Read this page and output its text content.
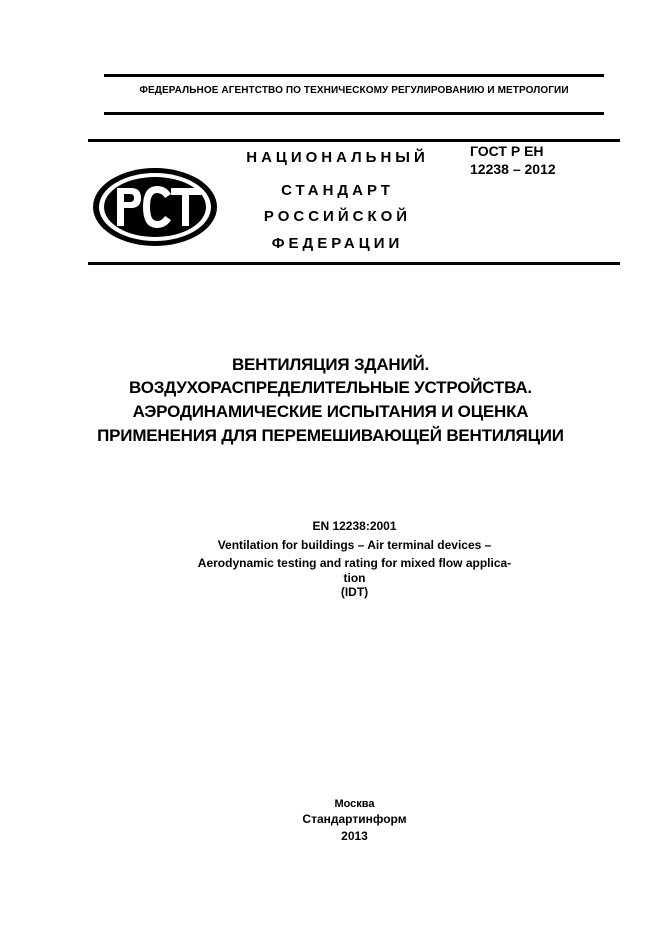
ФЕДЕРАЛЬНОЕ АГЕНТСТВО ПО ТЕХНИЧЕСКОМУ РЕГУЛИРОВАНИЮ И МЕТРОЛОГИИ
НАЦИОНАЛЬНЫЙ
СТАНДАРТ
РОССИЙСКОЙ
ФЕДЕРАЦИИ
ГОСТ Р ЕН
12238 – 2012
ВЕНТИЛЯЦИЯ ЗДАНИЙ.
ВОЗДУХОРАСПРЕДЕЛИТЕЛЬНЫЕ УСТРОЙСТВА.
АЭРОДИНАМИЧЕСКИЕ ИСПЫТАНИЯ И ОЦЕНКА
ПРИМЕНЕНИЯ ДЛЯ ПЕРЕМЕШИВАЮЩЕЙ ВЕНТИЛЯЦИИ
EN 12238:2001
Ventilation for buildings – Air terminal devices –
Aerodynamic testing and rating for mixed flow applica-
tion
(IDT)
Москва
Стандартинформ
2013
